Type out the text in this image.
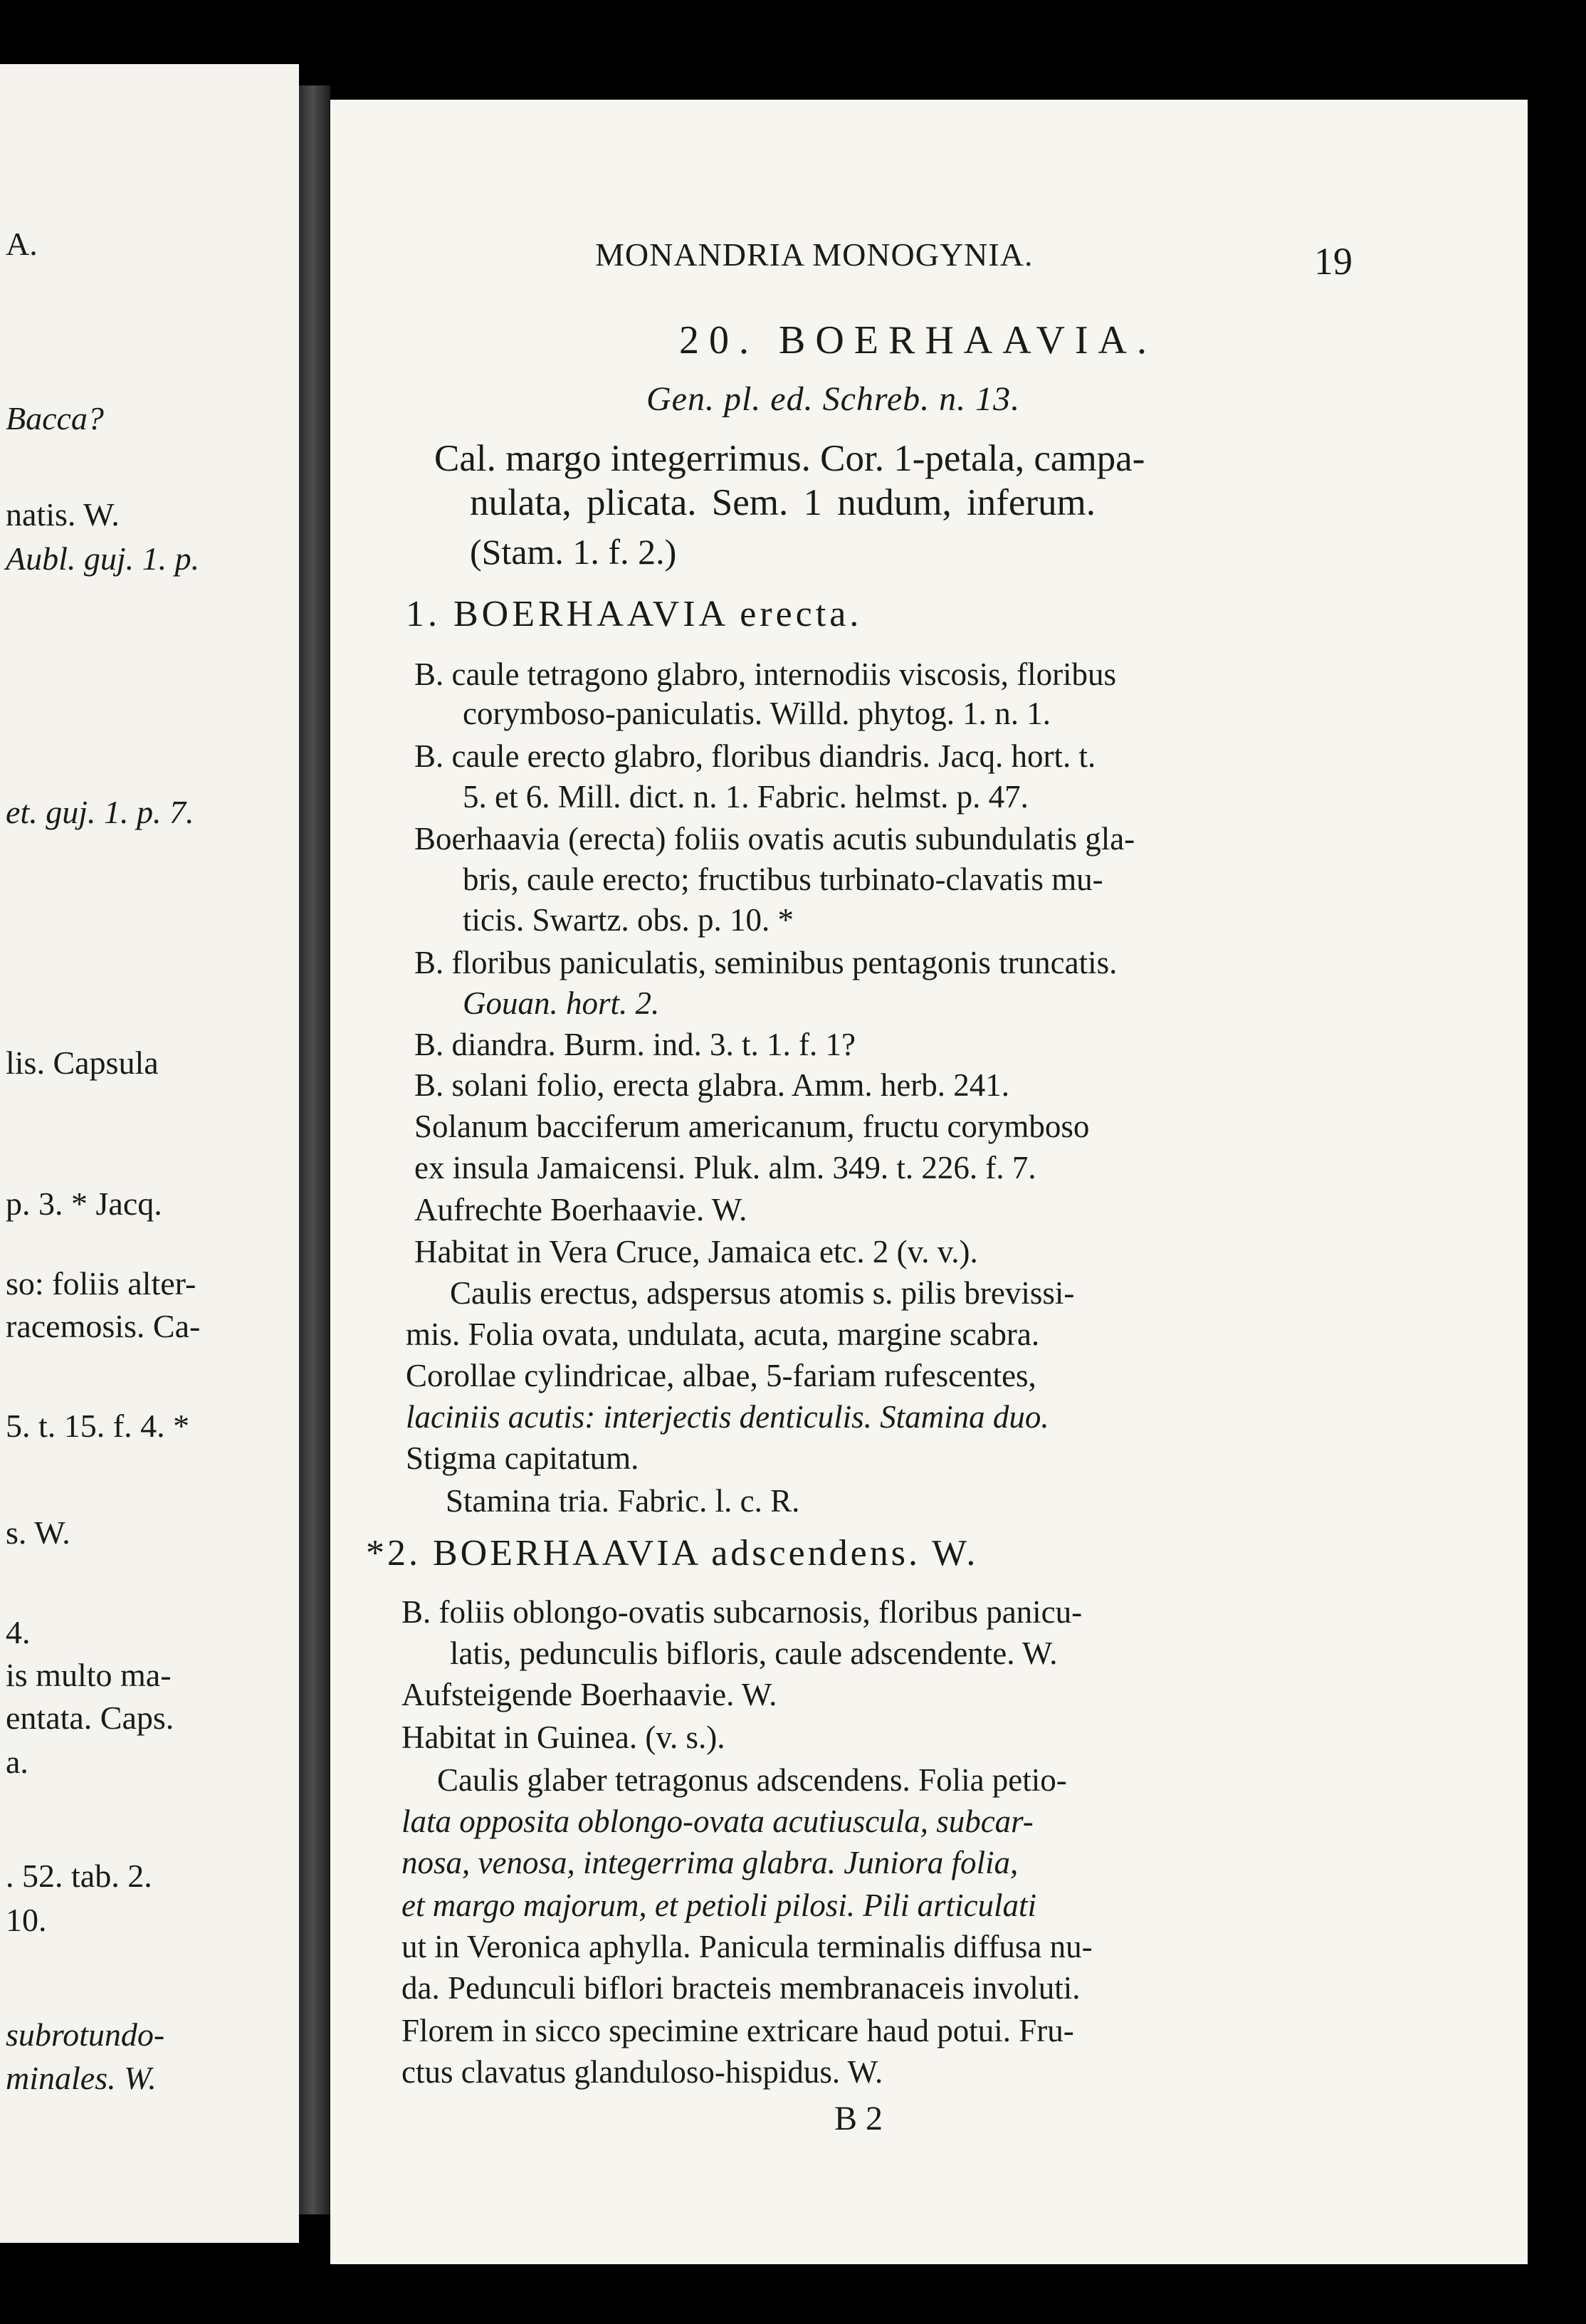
A.
Bacca?
natis. W.
Aubl. guj. 1. p.
et. guj. 1. p. 7.
lis. Capsula
p. 3. * Jacq.
so: foliis alter-
racemosis. Ca-
5. t. 15. f. 4. *
s. W.
4.
is multo ma-
entata. Caps.
a.
. 52. tab. 2.
10.
subrotundo-
minales. W.
MONANDRIA MONOGYNIA.	19
20. BOERHAAVIA.
Gen. pl. ed. Schreb. n. 13.
Cal. margo integerrimus. Cor. 1-petala, campa-
nulata, plicata. Sem. 1 nudum, inferum.
(Stam. 1. f. 2.)
1. BOERHAAVIA erecta.
B. caule tetragono glabro, internodiis viscosis, floribus
corymboso-paniculatis. Willd. phytog. 1. n. 1.
B. caule erecto glabro, floribus diandris. Jacq. hort. t.
5. et 6. Mill. dict. n. 1. Fabric. helmst. p. 47.
Boerhaavia (erecta) foliis ovatis acutis subundulatis gla-
bris, caule erecto; fructibus turbinato-clavatis mu-
ticis. Swartz. obs. p. 10. *
B. floribus paniculatis, seminibus pentagonis truncatis.
Gouan. hort. 2.
B. diandra. Burm. ind. 3. t. 1. f. 1?
B. solani folio, erecta glabra. Amm. herb. 241.
Solanum bacciferum americanum, fructu corymboso
ex insula Jamaicensi. Pluk. alm. 349. t. 226. f. 7.
Aufrechte Boerhaavie. W.
Habitat in Vera Cruce, Jamaica etc. 2 (v. v.).
Caulis erectus, adspersus atomis s. pilis brevissi-
mis. Folia ovata, undulata, acuta, margine scabra.
Corollae cylindricae, albae, 5-fariam rufescentes,
laciniis acutis: interjectis denticulis. Stamina duo.
Stigma capitatum.
Stamina tria. Fabric. l. c. R.
*2. BOERHAAVIA adscendens. W.
B. foliis oblongo-ovatis subcarnosis, floribus panicu-
latis, pedunculis bifloris, caule adscendente. W.
Aufsteigende Boerhaavie. W.
Habitat in Guinea. (v. s.).
Caulis glaber tetragonus adscendens. Folia petio-
lata opposita oblongo-ovata acutiuscula, subcar-
nosa, venosa, integerrima glabra. Juniora folia,
et margo majorum, et petioli pilosi. Pili articulati
ut in Veronica aphylla. Panicula terminalis diffusa nu-
da. Pedunculi biflori bracteis membranaceis involuti.
Florem in sicco specimine extricare haud potui. Fru-
ctus clavatus glanduloso-hispidus. W.
B 2
